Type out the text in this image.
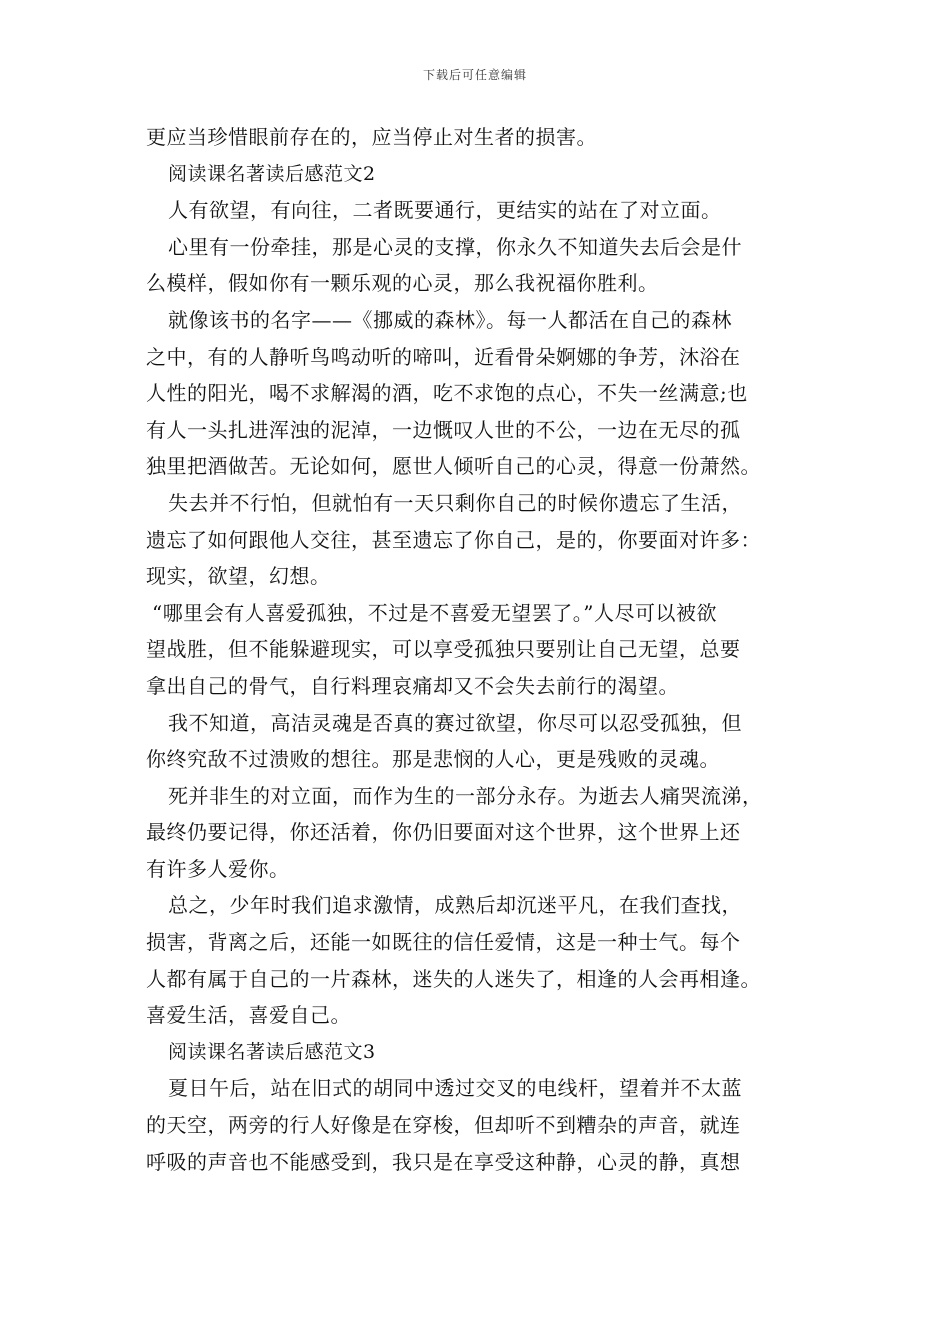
下载后可任意编辑
更应当珍惜眼前存在的，应当停止对生者的损害。
阅读课名著读后感范文2
人有欲望，有向往，二者既要通行，更结实的站在了对立面。
心里有一份牵挂，那是心灵的支撑，你永久不知道失去后会是什
么模样，假如你有一颗乐观的心灵，那么我祝福你胜利。
就像该书的名字——《挪威的森林》。每一人都活在自己的森林
之中，有的人静听鸟鸣动听的啼叫，近看骨朵婀娜的争芳，沐浴在
人性的阳光，喝不求解渴的酒，吃不求饱的点心，不失一丝满意;也
有人一头扎进浑浊的泥淖，一边慨叹人世的不公，一边在无尽的孤
独里把酒做苦。无论如何，愿世人倾听自己的心灵，得意一份萧然。
失去并不行怕，但就怕有一天只剩你自己的时候你遗忘了生活，
遗忘了如何跟他人交往，甚至遗忘了你自己，是的，你要面对许多：
现实，欲望，幻想。
“哪里会有人喜爱孤独，不过是不喜爱无望罢了。”人尽可以被欲
望战胜，但不能躲避现实，可以享受孤独只要别让自己无望，总要
拿出自己的骨气，自行料理哀痛却又不会失去前行的渴望。
我不知道，高洁灵魂是否真的赛过欲望，你尽可以忍受孤独，但
你终究敌不过溃败的想往。那是悲悯的人心，更是残败的灵魂。
死并非生的对立面，而作为生的一部分永存。为逝去人痛哭流涕，
最终仍要记得，你还活着，你仍旧要面对这个世界，这个世界上还
有许多人爱你。
总之，少年时我们追求激情，成熟后却沉迷平凡，在我们查找，
损害，背离之后，还能一如既往的信任爱情，这是一种士气。每个
人都有属于自己的一片森林，迷失的人迷失了，相逢的人会再相逢。
喜爱生活，喜爱自己。
阅读课名著读后感范文3
夏日午后，站在旧式的胡同中透过交叉的电线杆，望着并不太蓝
的天空，两旁的行人好像是在穿梭，但却听不到糟杂的声音，就连
呼吸的声音也不能感受到，我只是在享受这种静，心灵的静，真想
